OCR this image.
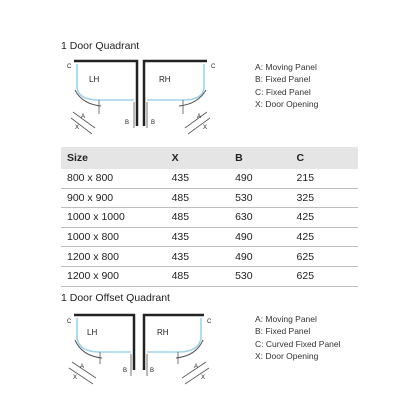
1 Door Quadrant
LH
C
A
X
B
RH
C
A
X
B
A: Moving Panel
B: Fixed Panel
C: Fixed Panel
X: Door Opening
Size	X	B	C
800 x 800	435	490	215
900 x 900	485	530	325
1000 x 1000	485	630	425
1000 x 800	435	490	425
1200 x 800	435	490	625
1200 x 900	485	530	625
1 Door Offset Quadrant
LH
C
A
X
B
RH
C
A
X
B
A: Moving Panel
B: Fixed Panel
C: Curved Fixed Panel
X: Door Opening
